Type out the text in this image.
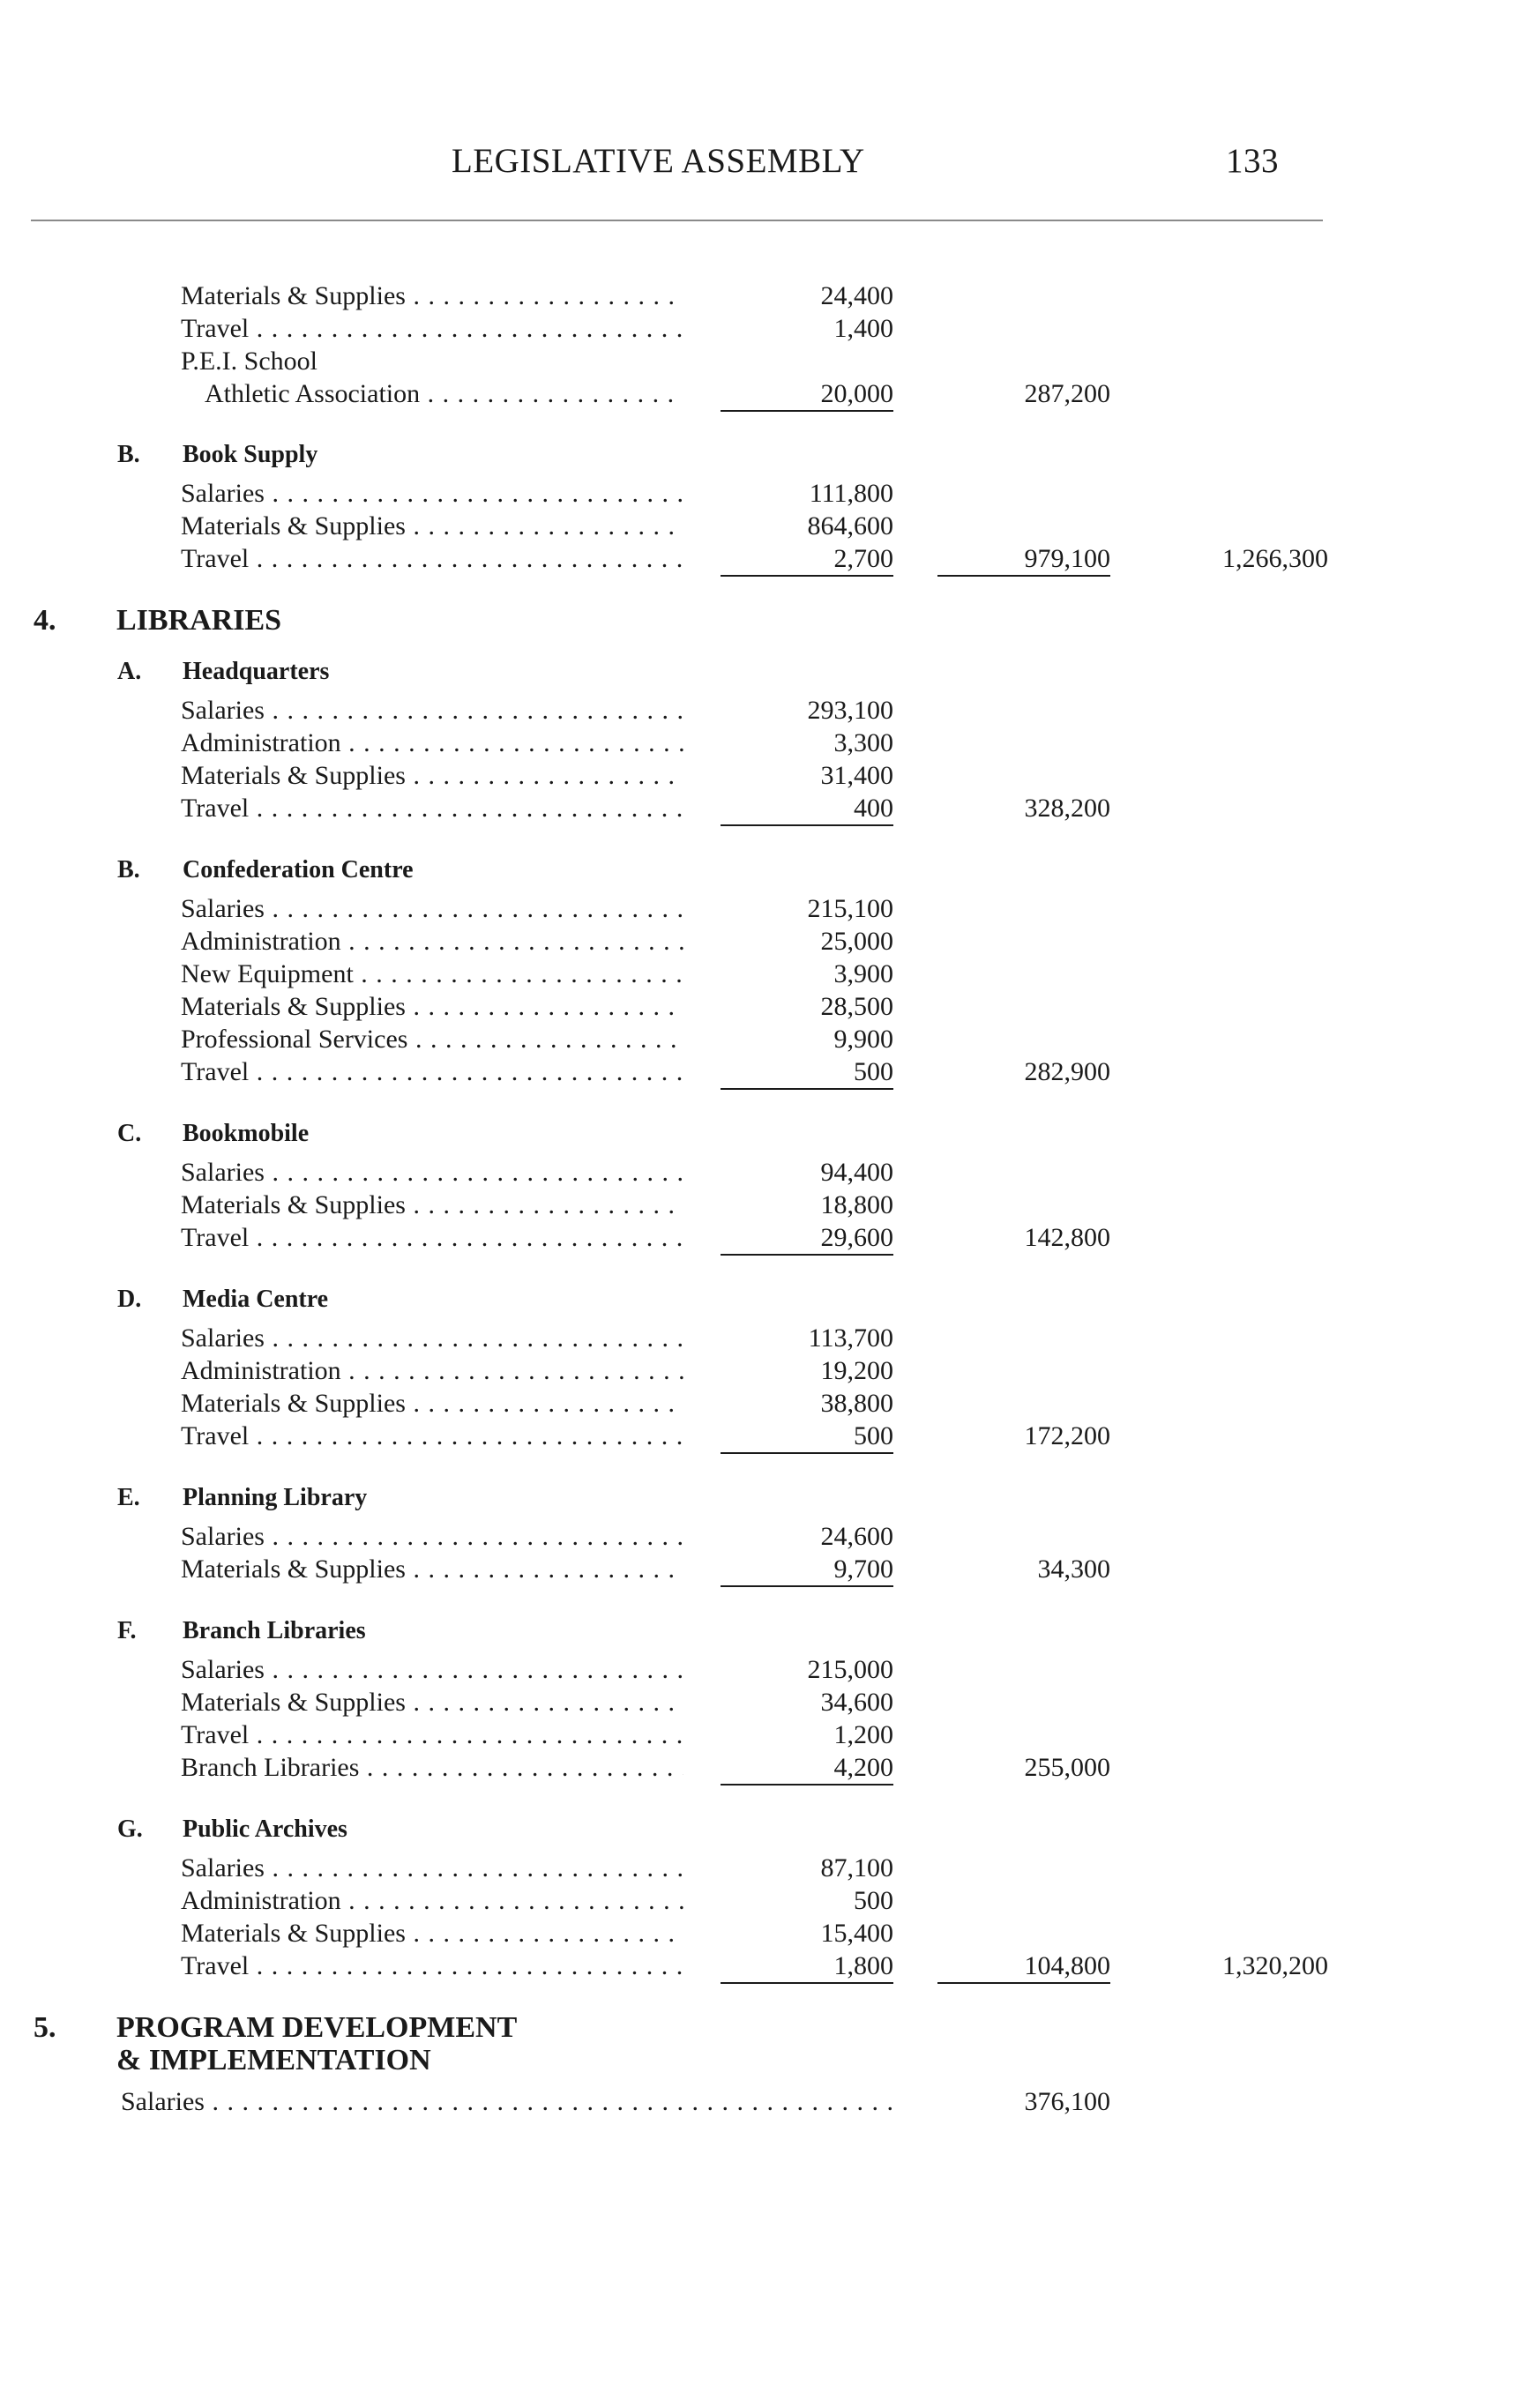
LEGISLATIVE ASSEMBLY	133
Materials & Supplies . . .	24,400
Travel . . .	1,400
P.E.I. School
Athletic Association . . .	20,000	287,200
B. Book Supply
Salaries . . .	111,800
Materials & Supplies . . .	864,600
Travel . . .	2,700	979,100	1,266,300
4. LIBRARIES
A. Headquarters
Salaries . . .	293,100
Administration . . .	3,300
Materials & Supplies . . .	31,400
Travel . . .	400	328,200
B. Confederation Centre
Salaries . . .	215,100
Administration . . .	25,000
New Equipment . . .	3,900
Materials & Supplies . . .	28,500
Professional Services . . .	9,900
Travel . . .	500	282,900
C. Bookmobile
Salaries . . .	94,400
Materials & Supplies . . .	18,800
Travel . . .	29,600	142,800
D. Media Centre
Salaries . . .	113,700
Administration . . .	19,200
Materials & Supplies . . .	38,800
Travel . . .	500	172,200
E. Planning Library
Salaries . . .	24,600
Materials & Supplies . . .	9,700	34,300
F. Branch Libraries
Salaries . . .	215,000
Materials & Supplies . . .	34,600
Travel . . .	1,200
Branch Libraries . . .	4,200	255,000
G. Public Archives
Salaries . . .	87,100
Administration . . .	500
Materials & Supplies . . .	15,400
Travel . . .	1,800	104,800	1,320,200
5. PROGRAM DEVELOPMENT
& IMPLEMENTATION
Salaries . . .	376,100
